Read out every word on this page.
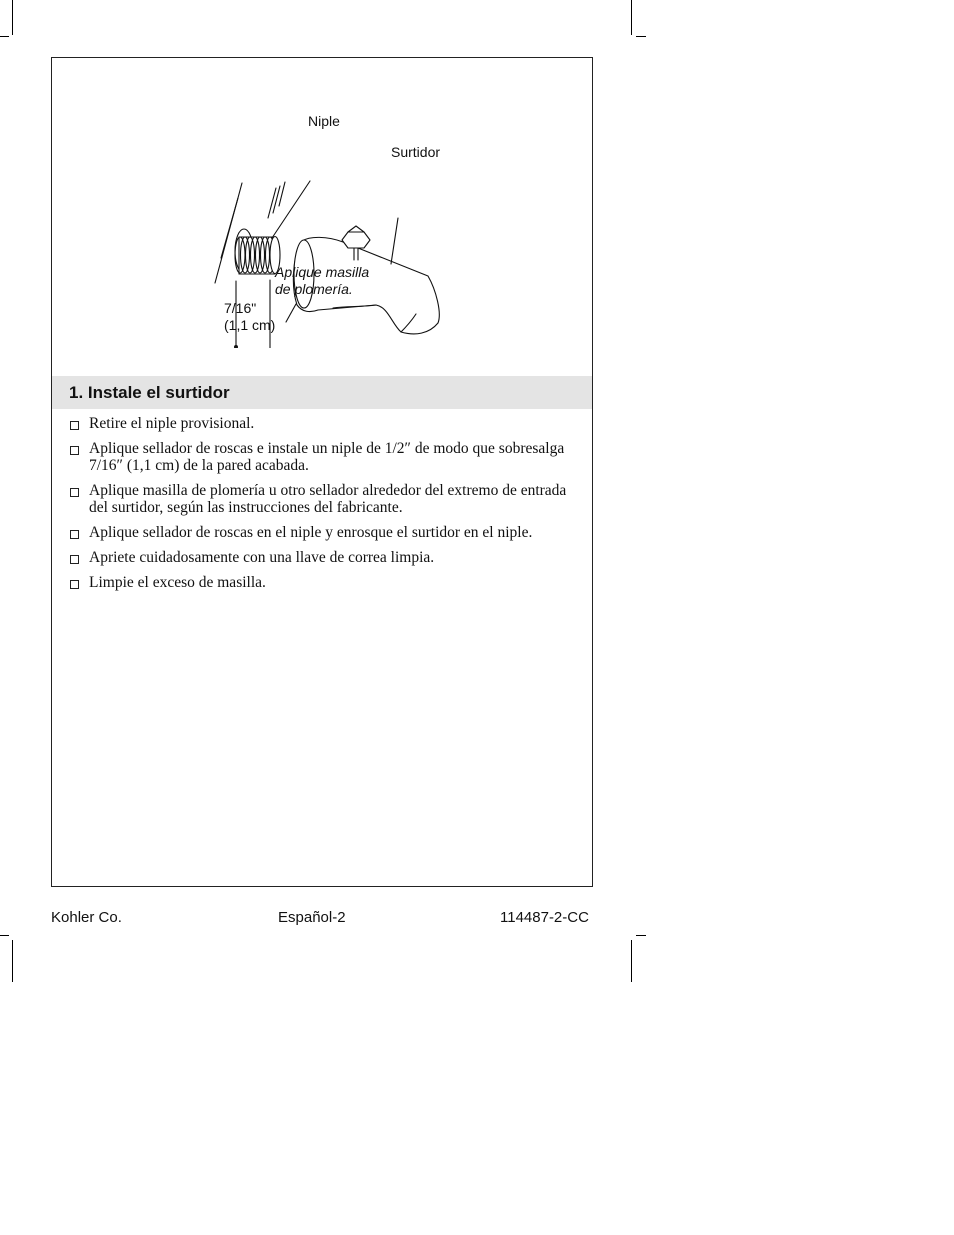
Niple
Surtidor
Aplique masilla
de plomería.
7/16"
(1,1 cm)
1. Instale el surtidor
Retire el niple provisional.
Aplique sellador de roscas e instale un niple de 1/2″ de modo que sobresalga 7/16″ (1,1 cm) de la pared acabada.
Aplique masilla de plomería u otro sellador alrededor del extremo de entrada del surtidor, según las instrucciones del fabricante.
Aplique sellador de roscas en el niple y enrosque el surtidor en el niple.
Apriete cuidadosamente con una llave de correa limpia.
Limpie el exceso de masilla.
Kohler Co.	Español-2	114487-2-CC
